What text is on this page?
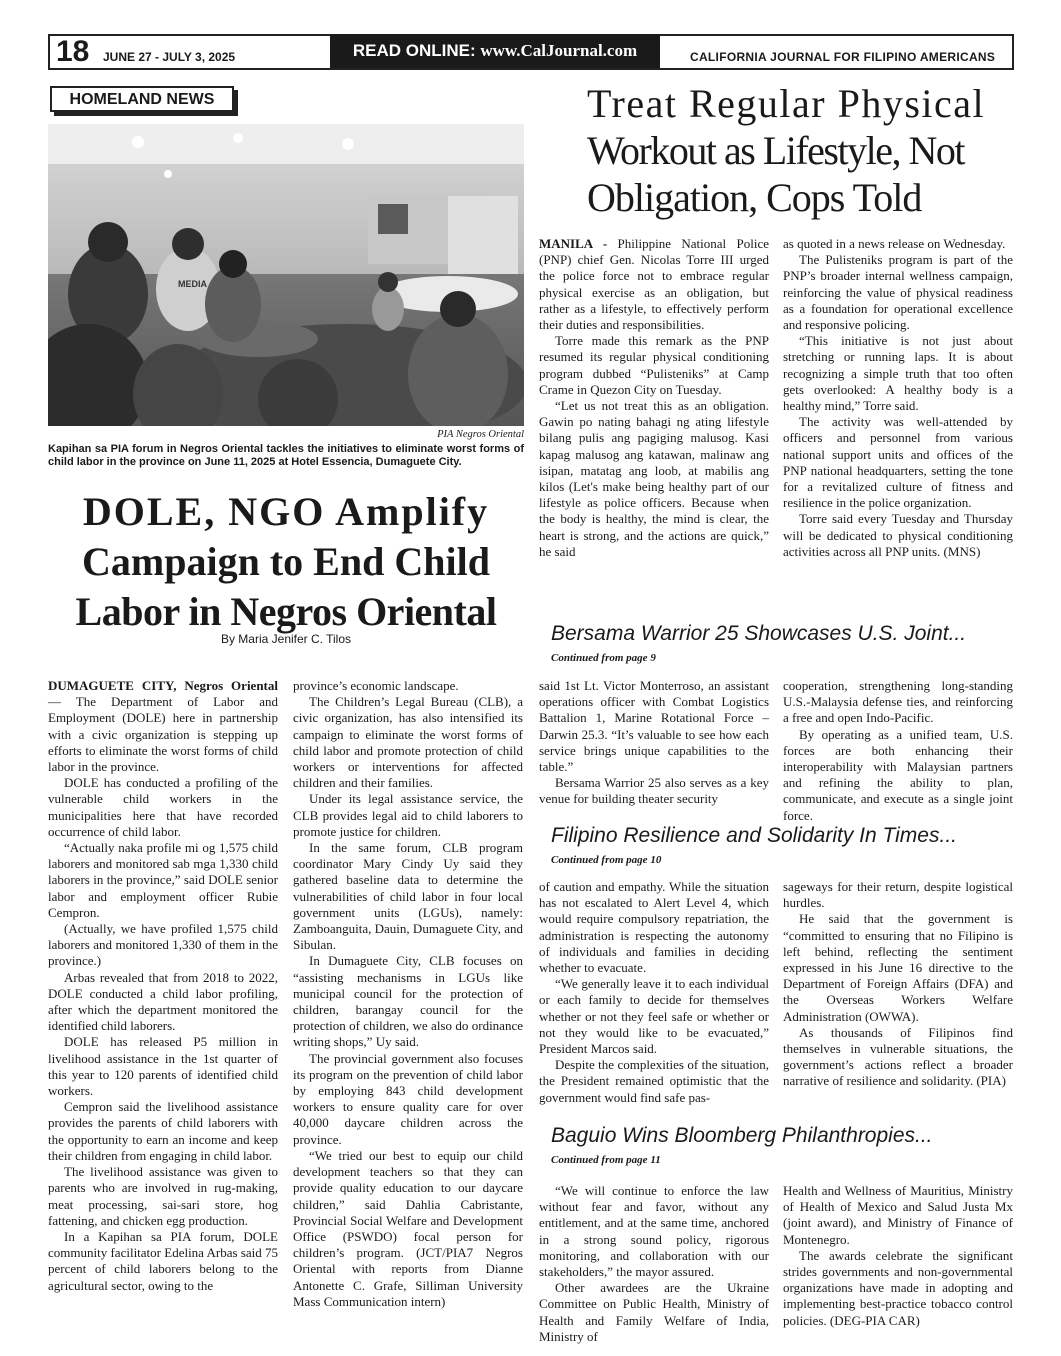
18 JUNE 27 - JULY 3, 2025	READ ONLINE: www.CalJournal.com	CALIFORNIA JOURNAL FOR FILIPINO AMERICANS
HOMELAND NEWS
MEDIA
PIA Negros Oriental
Kapihan sa PIA forum in Negros Oriental tackles the initiatives to eliminate worst forms of child labor in the province on June 11, 2025 at Hotel Essencia, Dumaguete City.
DOLE, NGO Amplify
Campaign to End Child
Labor in Negros Oriental
By Maria Jenifer C. Tilos

DUMAGUETE CITY, Negros Oriental — The Department of Labor and Employment (DOLE) here in partnership with a civic organization is stepping up efforts to eliminate the worst forms of child labor in the province.

DOLE has conducted a profiling of the vulnerable child workers in the municipalities here that have recorded occurrence of child labor.

“Actually naka profile mi og 1,575 child laborers and monitored sab mga 1,330 child laborers in the province,” said DOLE senior labor and employment officer Rubie Cempron.

(Actually, we have profiled 1,575 child laborers and monitored 1,330 of them in the province.)

Arbas revealed that from 2018 to 2022, DOLE conducted a child labor profiling, after which the department monitored the identified child laborers.

DOLE has released P5 million in livelihood assistance in the 1st quarter of this year to 120 parents of identified child workers.

Cempron said the livelihood assistance provides the parents of child laborers with the opportunity to earn an income and keep their children from engaging in child labor.

The livelihood assistance was given to parents who are involved in rug-making, meat processing, sai-sari store, hog fattening, and chicken egg production.

In a Kapihan sa PIA forum, DOLE community facilitator Edelina Arbas said 75 percent of child laborers belong to the agricultural sector, owing to the

province’s economic landscape.

The Children’s Legal Bureau (CLB), a civic organization, has also intensified its campaign to eliminate the worst forms of child labor and promote protection of child workers or interventions for affected children and their families.

Under its legal assistance service, the CLB provides legal aid to child laborers to promote justice for children.

In the same forum, CLB program coordinator Mary Cindy Uy said they gathered baseline data to determine the vulnerabilities of child labor in four local government units (LGUs), namely: Zamboanguita, Dauin, Dumaguete City, and Sibulan.

In Dumaguete City, CLB focuses on “assisting mechanisms in LGUs like municipal council for the protection of children, barangay council for the protection of children, we also do ordinance writing shops,” Uy said.

The provincial government also focuses its program on the prevention of child labor by employing 843 child development workers to ensure quality care for over 40,000 daycare children across the province.

“We tried our best to equip our child development teachers so that they can provide quality education to our daycare children,” said Dahlia Cabristante, Provincial Social Welfare and Development Office (PSWDO) focal person for children’s program. (JCT/PIA7 Negros Oriental with reports from Dianne Antonette C. Grafe, Silliman University Mass Communication intern)

Treat Regular Physical
Workout as Lifestyle, Not
Obligation, Cops Told

MANILA - Philippine National Police (PNP) chief Gen. Nicolas Torre III urged the police force not to embrace regular physical exercise as an obligation, but rather as a lifestyle, to effectively perform their duties and responsibilities.

Torre made this remark as the PNP resumed its regular physical conditioning program dubbed “Pulisteniks” at Camp Crame in Quezon City on Tuesday.

“Let us not treat this as an obligation. Gawin po nating bahagi ng ating lifestyle bilang pulis ang pagiging malusog. Kasi kapag malusog ang katawan, malinaw ang isipan, matatag ang loob, at mabilis ang kilos (Let's make being healthy part of our lifestyle as police officers. Because when the body is healthy, the mind is clear, the heart is strong, and the actions are quick,” he said

as quoted in a news release on Wednesday.

The Pulisteniks program is part of the PNP’s broader internal wellness campaign, reinforcing the value of physical readiness as a foundation for operational excellence and responsive policing.

“This initiative is not just about stretching or running laps. It is about recognizing a simple truth that too often gets overlooked: A healthy body is a healthy mind,” Torre said.

The activity was well-attended by officers and personnel from various national support units and offices of the PNP national headquarters, setting the tone for a revitalized culture of fitness and resilience in the police organization.

Torre said every Tuesday and Thursday will be dedicated to physical conditioning activities across all PNP units. (MNS)

Bersama Warrior 25 Showcases U.S. Joint...
Continued from page 9

said 1st Lt. Victor Monterroso, an assistant operations officer with Combat Logistics Battalion 1, Marine Rotational Force – Darwin 25.3. “It’s valuable to see how each service brings unique capabilities to the table.”

Bersama Warrior 25 also serves as a key venue for building theater security

cooperation, strengthening long-standing U.S.-Malaysia defense ties, and reinforcing a free and open Indo-Pacific.

By operating as a unified team, U.S. forces are both enhancing their interoperability with Malaysian partners and refining the ability to plan, communicate, and execute as a single joint force.

Filipino Resilience and Solidarity In Times...
Continued from page 10

of caution and empathy. While the situation has not escalated to Alert Level 4, which would require compulsory repatriation, the administration is respecting the autonomy of individuals and families in deciding whether to evacuate.

“We generally leave it to each individual or each family to decide for themselves whether or not they feel safe or whether or not they would like to be evacuated,” President Marcos said.

Despite the complexities of the situation, the President remained optimistic that the government would find safe pas-

sageways for their return, despite logistical hurdles.

He said that the government is “committed to ensuring that no Filipino is left behind, reflecting the sentiment expressed in his June 16 directive to the Department of Foreign Affairs (DFA) and the Overseas Workers Welfare Administration (OWWA).

As thousands of Filipinos find themselves in vulnerable situations, the government’s actions reflect a broader narrative of resilience and solidarity. (PIA)

Baguio Wins Bloomberg Philanthropies...
Continued from page 11

“We will continue to enforce the law without fear and favor, without any entitlement, and at the same time, anchored in a strong sound policy, rigorous monitoring, and collaboration with our stakeholders,” the mayor assured.

Other awardees are the Ukraine Committee on Public Health, Ministry of Health and Family Welfare of India, Ministry of

Health and Wellness of Mauritius, Ministry of Health of Mexico and Salud Justa Mx (joint award), and Ministry of Finance of Montenegro.

The awards celebrate the significant strides governments and non-governmental organizations have made in adopting and implementing best-practice tobacco control policies. (DEG-PIA CAR)
